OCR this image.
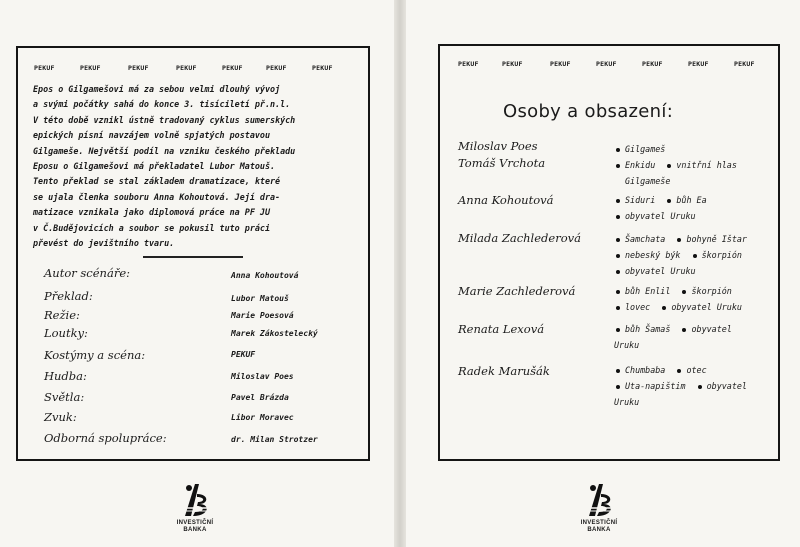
PEKUF	PEKUF	PEKUF	PEKUF	PEKUF	PEKUF	PEKUF
Epos o Gilgamešovi má za sebou velmi dlouhý vývoj
a svými počátky sahá do konce 3. tisíciletí př.n.l.
V této době vznikl ústně tradovaný cyklus sumerských
epických písní navzájem volně spjatých postavou
Gilgameše. Největší podíl na vzniku českého překladu
Eposu o Gilgamešovi má překladatel Lubor Matouš.
Tento překlad se stal základem dramatizace, které
se ujala členka souboru Anna Kohoutová. Její dra-
matizace vznikala jako diplomová práce na PF JU
v Č.Budějovicích a soubor se pokusil tuto práci
převést do jevištního tvaru.
Autor scénáře:	Anna Kohoutová
Překlad:	Lubor Matouš
Režie:	Marie Poesová
Loutky:	Marek Zákostelecký
Kostýmy a scéna:	PEKUF
Hudba:	Miloslav Poes
Světla:	Pavel Brázda
Zvuk:	Libor Moravec
Odborná spolupráce:	dr. Milan Strotzer
PEKUF	PEKUF	PEKUF	PEKUF	PEKUF	PEKUF	PEKUF
Osoby a obsazení:
Miloslav Poes	Gilgameš
Tomáš Vrchota	Enkidu	vnitřní hlas
Gilgameše
Anna Kohoutová	Siduri	bůh Ea
obyvatel Uruku
Milada Zachlederová	Šamchata	bohyně Ištar
nebeský býk	škorpión
obyvatel Uruku
Marie Zachlederová	bůh Enlil	škorpión
lovec	obyvatel Uruku
Renata Lexová	bůh Šamaš	obyvatel
Uruku
Radek Marušák	Chumbaba	otec
Uta-napištim	obyvatel
Uruku
INVESTIČNÍ
BANKA
INVESTIČNÍ
BANKA
